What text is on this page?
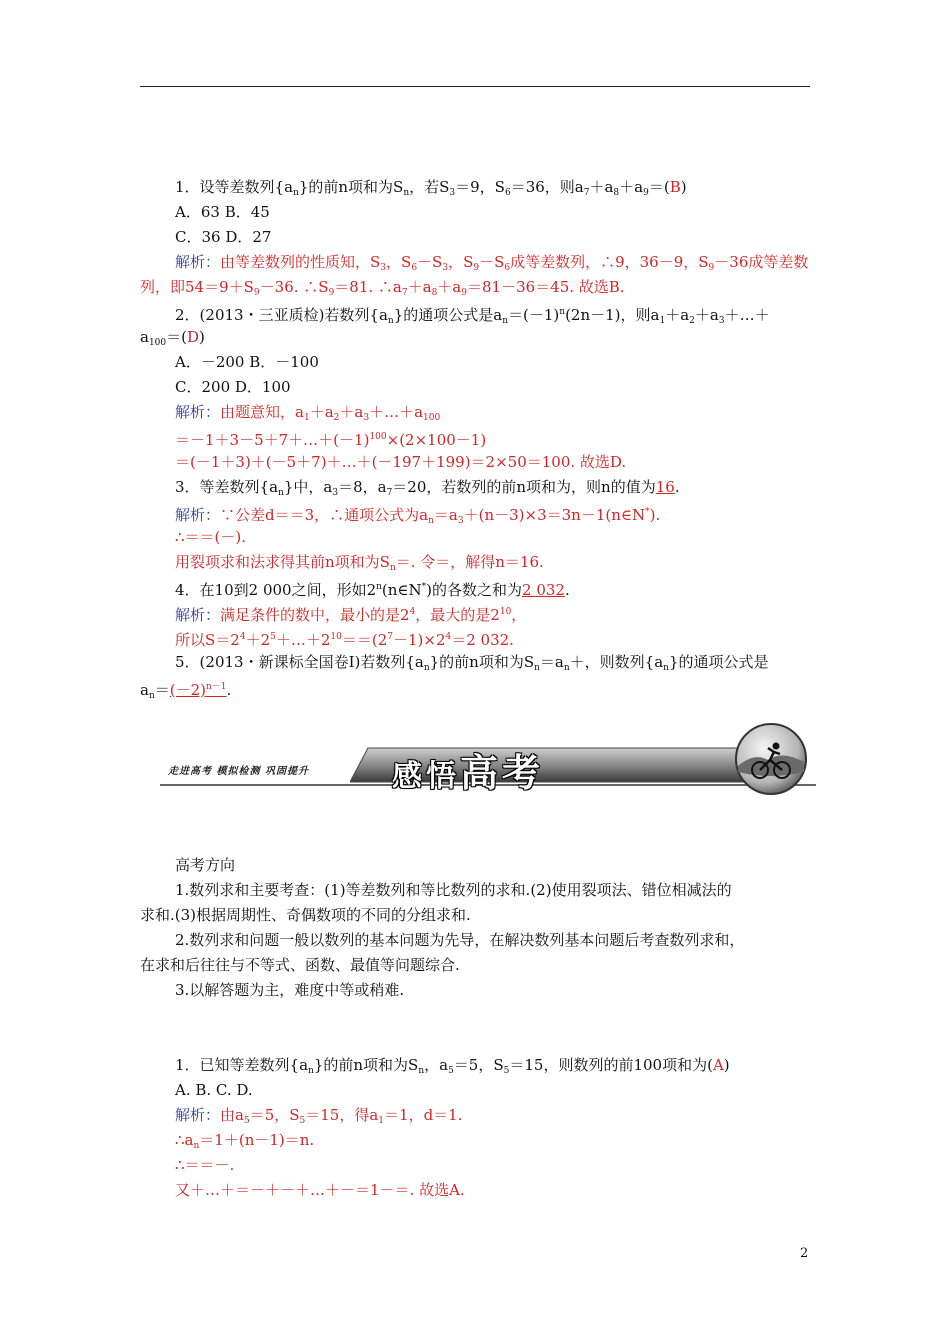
1．设等差数列$\{a_n\}$的前n项和为$S_n$，若$S_3=9$，$S_6=36$，则$a_7+a_8+a_9=(B)$
A．63 B．45
C．36 D．27
解析：由等差数列的性质知，$S_3$，$S_6-S_3$，$S_9-S_6$成等差数列，∴9，36－9，$S_9-36$成等差数
列，即$54=9+S_9-36$. $\therefore S_9=81$. $\therefore a_7+a_8+a_9=81-36=45$. 故选B.
2．(2013・三亚质检)若数列$\{a_n\}$的通项公式是$a_n=(-1)^n(2n-1)$，则$a_1+a_2+a_3+\dots+$
$a_{100}=(D)$
A．－200 B．－100
C．200 D．100
解析：由题意知，$a_1+a_2+a_3+\dots+a_{100}$
$=-1+3-5+7+\dots+(-1)^{100}\times(2\times 100-1)$
＝(－1＋3)＋(－5＋7)＋…＋(－197＋199)＝2×50＝100. 故选D.
3．等差数列$\{a_n\}$中，$a_3=8$，$a_7=20$，若数列的前n项和为，则n的值为16.
解析：∵公差d＝＝3，∴通项公式为$a_n=a_3+(n-3)\times 3=3n-1(n\in N^*)$.
∴＝＝(－).
用裂项求和法求得其前n项和为$S_n=$. 令＝，解得n＝16.
4．在10到2 000之间，形如2$^n$(n∈N*)的各数之和为2 032.
解析：满足条件的数中，最小的是$2^4$，最大的是$2^{10}$，
所以$S=2^4+2^5+\dots+2^{10}==(2^7-1)\times 2^4=2$ 032.
5．(2013・新课标全国卷Ⅰ)若数列$\{a_n\}$的前n项和为$S_n=a_n+$，则数列$\{a_n\}$的通项公式是
$a_n=(-2)^{n-1}$.
走进高考 模拟检测 巩固提升	感悟高考
高考方向
1.数列求和主要考查：(1)等差数列和等比数列的求和.(2)使用裂项法、错位相减法的
求和.(3)根据周期性、奇偶数项的不同的分组求和.
2.数列求和问题一般以数列的基本问题为先导，在解决数列基本问题后考查数列求和，
在求和后往往与不等式、函数、最值等问题综合.
3.以解答题为主，难度中等或稍难.
1．已知等差数列$\{a_n\}$的前n项和为$S_n$，$a_5=5$，$S_5=15$，则数列的前100项和为(A)
A. B. C. D.
解析：由$a_5=5$，$S_5=15$，得$a_1=1$，d＝1.
$\therefore a_n=1+(n-1)=n$.
∴＝＝－.
又＋…＋＝－＋－＋…＋－＝1－＝. 故选A.
2
